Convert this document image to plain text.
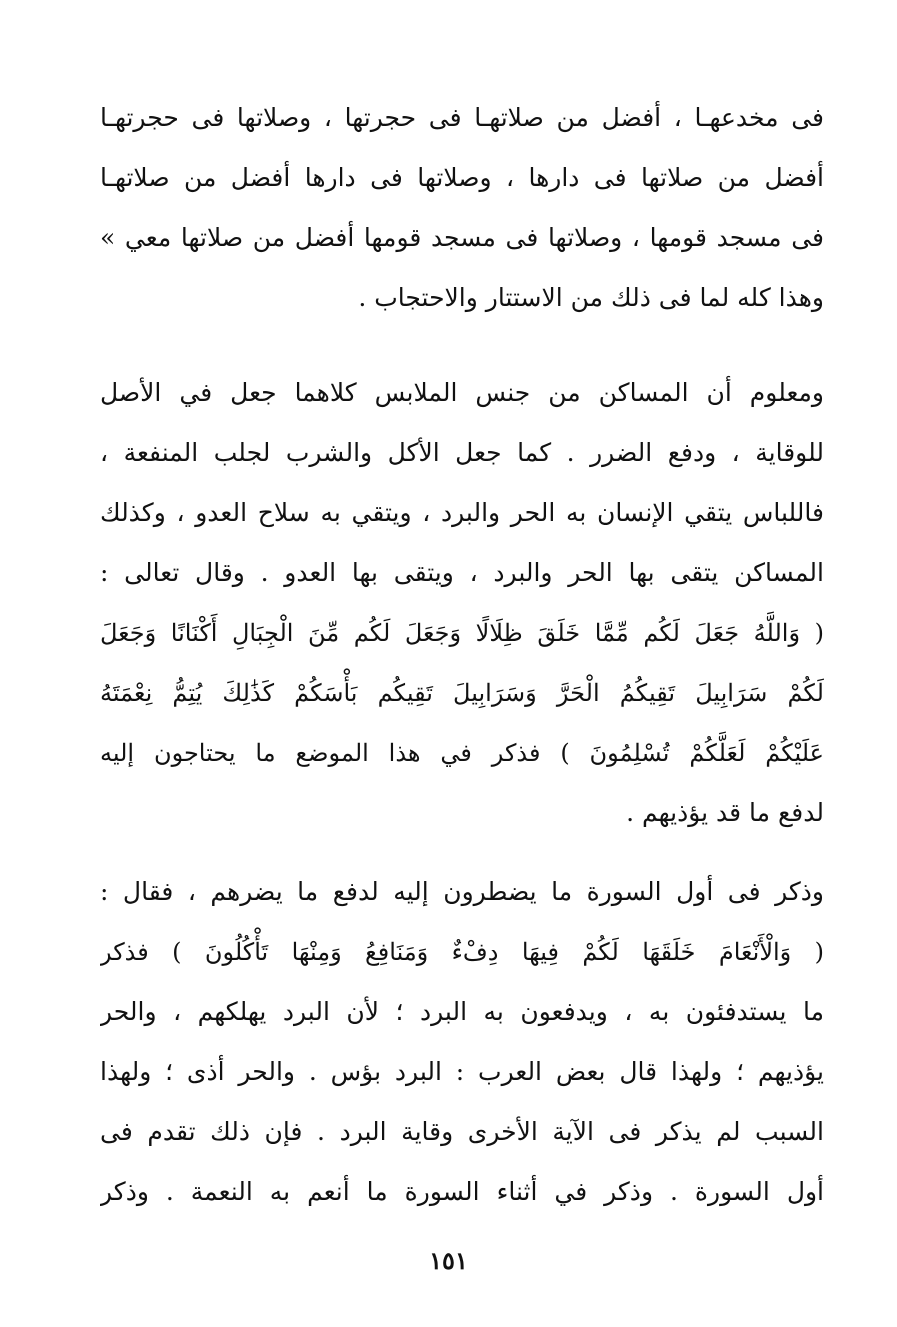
فى مخدعهـا ، أفضل من صلاتهـا فى حجرتها ، وصلاتها فى حجرتهـا
أفضل من صلاتها فى دارها ، وصلاتها فى دارها أفضل من صلاتهـا
فى مسجد قومها ، وصلاتها فى مسجد قومها أفضل من صلاتها معي »
وهذا كله لما فى ذلك من الاستتار والاحتجاب .
ومعلوم أن المساكن من جنس الملابس كلاهما جعل في الأصل
للوقاية ، ودفع الضرر . كما جعل الأكل والشرب لجلب المنفعة ،
فاللباس يتقي الإنسان به الحر والبرد ، ويتقي به سلاح العدو ، وكذلك
المساكن يتقى بها الحر والبرد ، ويتقى بها العدو . وقال تعالى :
( وَاللَّهُ جَعَلَ لَكُم مِّمَّا خَلَقَ ظِلَالًا وَجَعَلَ لَكُم مِّنَ الْجِبَالِ أَكْنَانًا وَجَعَلَ
لَكُمْ سَرَابِيلَ تَقِيكُمُ الْحَرَّ وَسَرَابِيلَ تَقِيكُم بَأْسَكُمْ كَذَٰلِكَ يُتِمُّ نِعْمَتَهُ
عَلَيْكُمْ لَعَلَّكُمْ تُسْلِمُونَ ) فذكر في هذا الموضع ما يحتاجون إليه
لدفع ما قد يؤذيهم .
وذكر فى أول السورة ما يضطرون إليه لدفع ما يضرهم ، فقال :
( وَالْأَنْعَامَ خَلَقَهَا لَكُمْ فِيهَا دِفْءٌ وَمَنَافِعُ وَمِنْهَا تَأْكُلُونَ ) فذكر
ما يستدفئون به ، ويدفعون به البرد ؛ لأن البرد يهلكهم ، والحر
يؤذيهم ؛ ولهذا قال بعض العرب : البرد بؤس . والحر أذى ؛ ولهذا
السبب لم يذكر فى الآية الأخرى وقاية البرد . فإن ذلك تقدم فى
أول السورة . وذكر في أثناء السورة ما أنعم به النعمة . وذكر
١٥١
